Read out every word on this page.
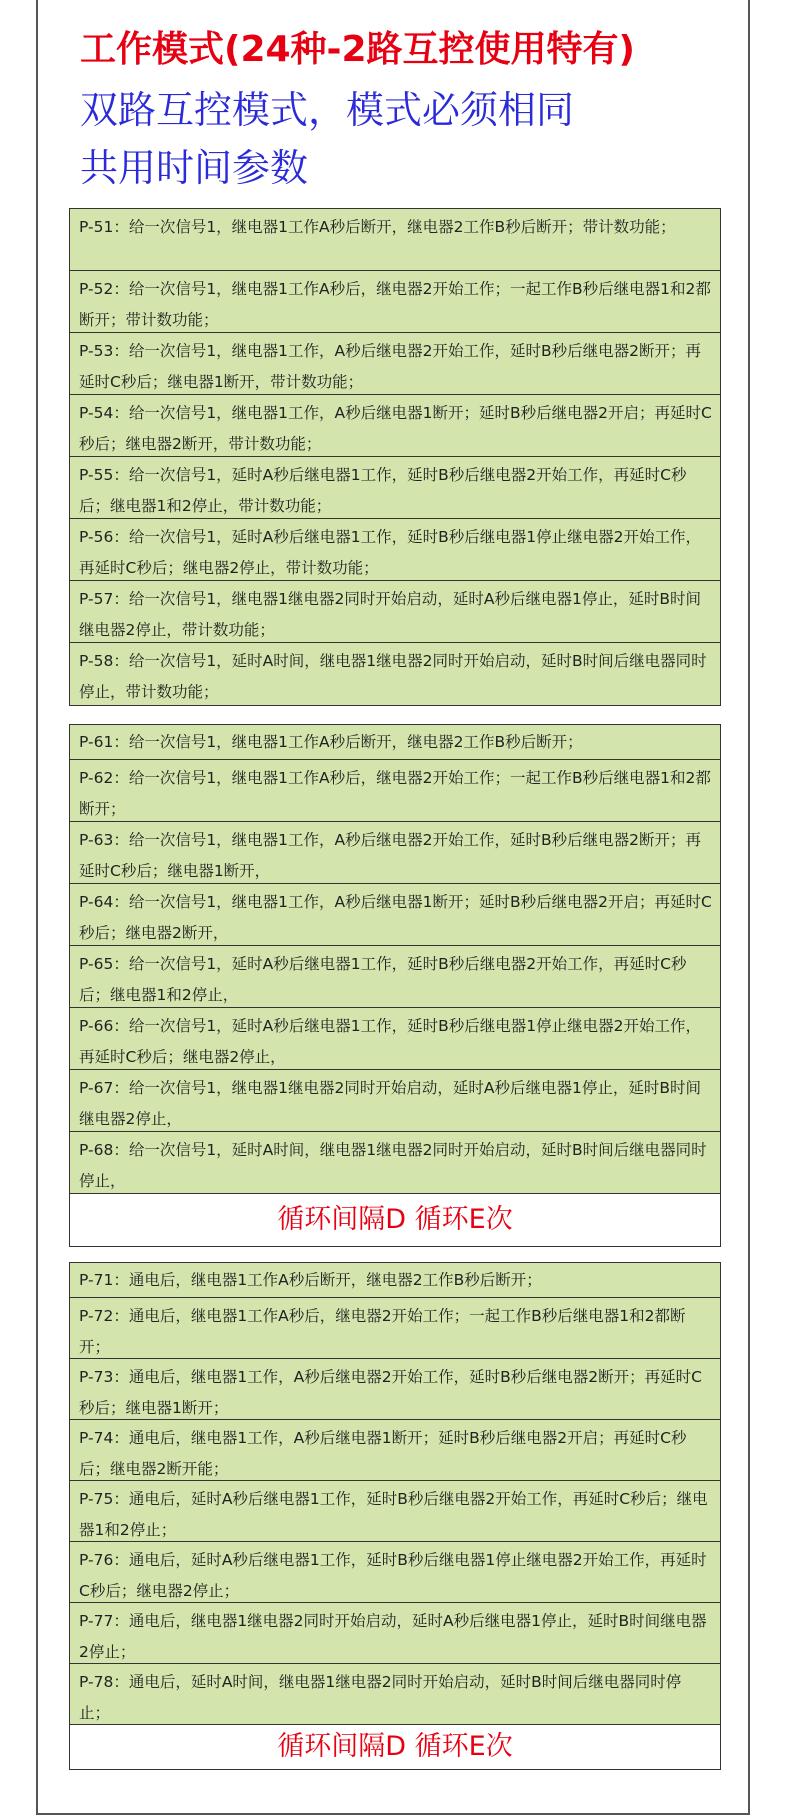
工作模式(24种-2路互控使用特有)
双路互控模式，模式必须相同
共用时间参数
P-51：给一次信号1，继电器1工作A秒后断开，继电器2工作B秒后断开；带计数功能；
P-52：给一次信号1，继电器1工作A秒后，继电器2开始工作；一起工作B秒后继电器1和2都断开；带计数功能；
P-53：给一次信号1，继电器1工作，A秒后继电器2开始工作，延时B秒后继电器2断开；再延时C秒后；继电器1断开，带计数功能；
P-54：给一次信号1，继电器1工作，A秒后继电器1断开；延时B秒后继电器2开启；再延时C秒后；继电器2断开，带计数功能；
P-55：给一次信号1，延时A秒后继电器1工作，延时B秒后继电器2开始工作，再延时C秒后；继电器1和2停止，带计数功能；
P-56：给一次信号1，延时A秒后继电器1工作，延时B秒后继电器1停止继电器2开始工作，再延时C秒后；继电器2停止，带计数功能；
P-57：给一次信号1，继电器1继电器2同时开始启动，延时A秒后继电器1停止，延时B时间继电器2停止，带计数功能；
P-58：给一次信号1，延时A时间，继电器1继电器2同时开始启动，延时B时间后继电器同时停止，带计数功能；
P-61：给一次信号1，继电器1工作A秒后断开，继电器2工作B秒后断开；
P-62：给一次信号1，继电器1工作A秒后，继电器2开始工作；一起工作B秒后继电器1和2都断开；
P-63：给一次信号1，继电器1工作，A秒后继电器2开始工作，延时B秒后继电器2断开；再延时C秒后；继电器1断开，
P-64：给一次信号1，继电器1工作，A秒后继电器1断开；延时B秒后继电器2开启；再延时C秒后；继电器2断开，
P-65：给一次信号1，延时A秒后继电器1工作，延时B秒后继电器2开始工作，再延时C秒后；继电器1和2停止，
P-66：给一次信号1，延时A秒后继电器1工作，延时B秒后继电器1停止继电器2开始工作，再延时C秒后；继电器2停止，
P-67：给一次信号1，继电器1继电器2同时开始启动，延时A秒后继电器1停止，延时B时间继电器2停止，
P-68：给一次信号1，延时A时间，继电器1继电器2同时开始启动，延时B时间后继电器同时停止，
循环间隔D 循环E次
P-71：通电后，继电器1工作A秒后断开，继电器2工作B秒后断开；
P-72：通电后，继电器1工作A秒后，继电器2开始工作；一起工作B秒后继电器1和2都断开；
P-73：通电后，继电器1工作，A秒后继电器2开始工作，延时B秒后继电器2断开；再延时C秒后；继电器1断开；
P-74：通电后，继电器1工作，A秒后继电器1断开；延时B秒后继电器2开启；再延时C秒后；继电器2断开能；
P-75：通电后，延时A秒后继电器1工作，延时B秒后继电器2开始工作，再延时C秒后；继电器1和2停止；
P-76：通电后，延时A秒后继电器1工作，延时B秒后继电器1停止继电器2开始工作，再延时C秒后；继电器2停止；
P-77：通电后，继电器1继电器2同时开始启动，延时A秒后继电器1停止，延时B时间继电器2停止；
P-78：通电后，延时A时间，继电器1继电器2同时开始启动，延时B时间后继电器同时停止；
循环间隔D 循环E次
